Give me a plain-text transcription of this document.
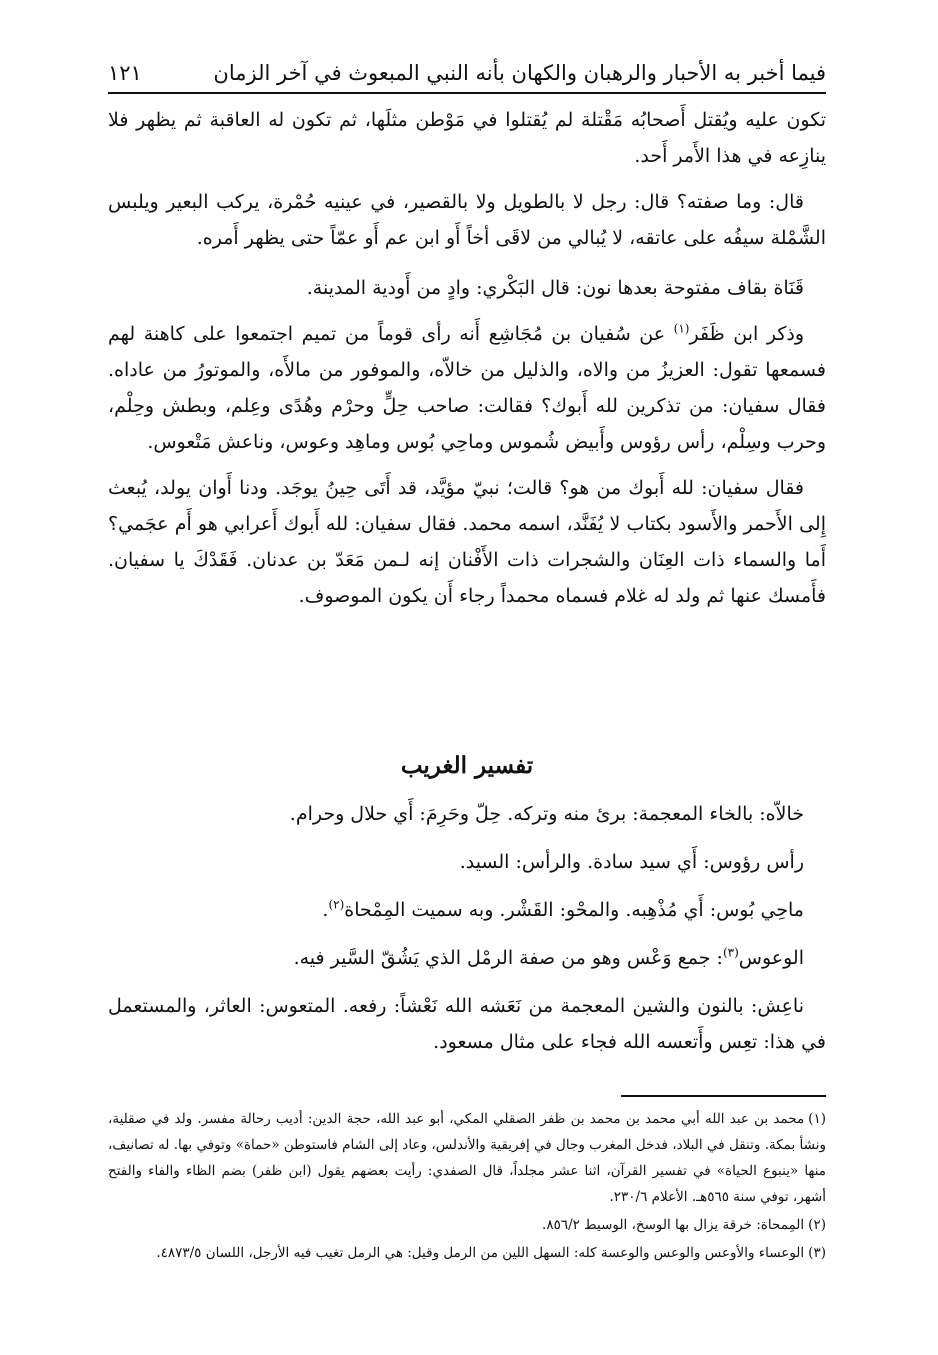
فيما أخبر به الأحبار والرهبان والكهان بأنه النبي المبعوث في آخر الزمان
١٢١

تكون عليه ويُقتل أَصحابُه مَقْتلة لم يُقتلوا في مَوْطن مثلَها، ثم تكون له العاقبة ثم يظهر فلا ينازِعه في هذا الأَمر أَحد.

قال: وما صفته؟ قال: رجل لا بالطويل ولا بالقصير، في عينيه حُمْرة، يركب البعير ويلبس الشَّمْلة سيفُه على عاتقه، لا يُبالي من لاقَى أخاً أَو ابن عم أَو عمّاً حتى يظهر أَمره.

قَنَاة بقاف مفتوحة بعدها نون: قال البَكْري: وادٍ من أَودية المدينة.

وذكر ابن ظَفَر$^{(١)}$ عن سُفيان بن مُجَاشِع أَنه رأى قوماً من تميم اجتمعوا على كاهنة لهم فسمعها تقول: العزيزُ من والاه، والذليل من خالاّه، والموفور من مالأَه، والموتورُ من عاداه. فقال سفيان: من تذكرين لله أَبوك؟ فقالت: صاحب حِلٍّ وحرْم وهُدًى وعِلم، وبطش وحِلْم، وحرب وسِلْم، رأس رؤوس وأَبيض شُموس وماحِي بُوس وماهِد وعوس، وناعش مَتْعوس.

فقال سفيان: لله أَبوك من هو؟ قالت؛ نبيّ مؤيَّد، قد أَتَى حِينُ يوجَد. ودنا أَوان يولد، يُبعث إِلى الأَحمر والأَسود بكتاب لا يُفَنَّد، اسمه محمد. فقال سفيان: لله أَبوك أَعرابي هو أَم عجَمي؟ أَما والسماء ذات العِنَان والشجرات ذات الأَفْنان إنه لـمن مَعَدّ بن عدنان. فَقَدْكَ يا سفيان. فأَمسك عنها ثم ولد له غلام فسماه محمداً رجاء أَن يكون الموصوف.

تفسير الغريب

خالاّه: بالخاء المعجمة: برئ منه وتركه. حِلّ وحَرِمَ: أَي حلال وحرام.

رأس رؤوس: أَي سيد سادة. والرأس: السيد.

ماحِي بُوس: أَي مُذْهِبه. والمحْو: القَشْر. وبه سميت المِمْحاة$^{(٢)}$.

الوعوس$^{(٣)}$: جمع وَعْس وهو من صفة الرمْل الذي يَشُقّ السَّير فيه.

ناعِش: بالنون والشين المعجمة من نَعَشه الله نَعْشاً: رفعه. المتعوس: العاثر، والمستعمل في هذا: تعِس وأَتعسه الله فجاء على مثال مسعود.

(١)محمد بن عبد الله أبي محمد بن محمد بن ظفر الصقلي المكي، أبو عبد الله، حجة الدين: أديب رحالة مفسر. ولد في صقلية، ونشأ بمكة. وتنقل في البلاد، فدخل المغرب وجال في إفريقية والأندلس، وعاد إلى الشام فاستوطن «حماة» وتوفي بها. له تصانيف، منها «ينبوع الحياة» في تفسير القرآن، اثنا عشر مجلداً، قال الصفدي: رأيت بعضهم يقول (ابن ظفر) بضم الظاء والفاء والفتح أشهر، توفي سنة ٥٦٥هـ. الأعلام ٢٣٠/٦.

(٢)المِمحاة: خرقة يزال بها الوسخ، الوسيط ٨٥٦/٢.

(٣)الوعساء والأوعس والوعس والوعسة كله: السهل اللين من الرمل وقيل: هي الرمل تغيب فيه الأرجل، اللسان ٤٨٧٣/٥.
